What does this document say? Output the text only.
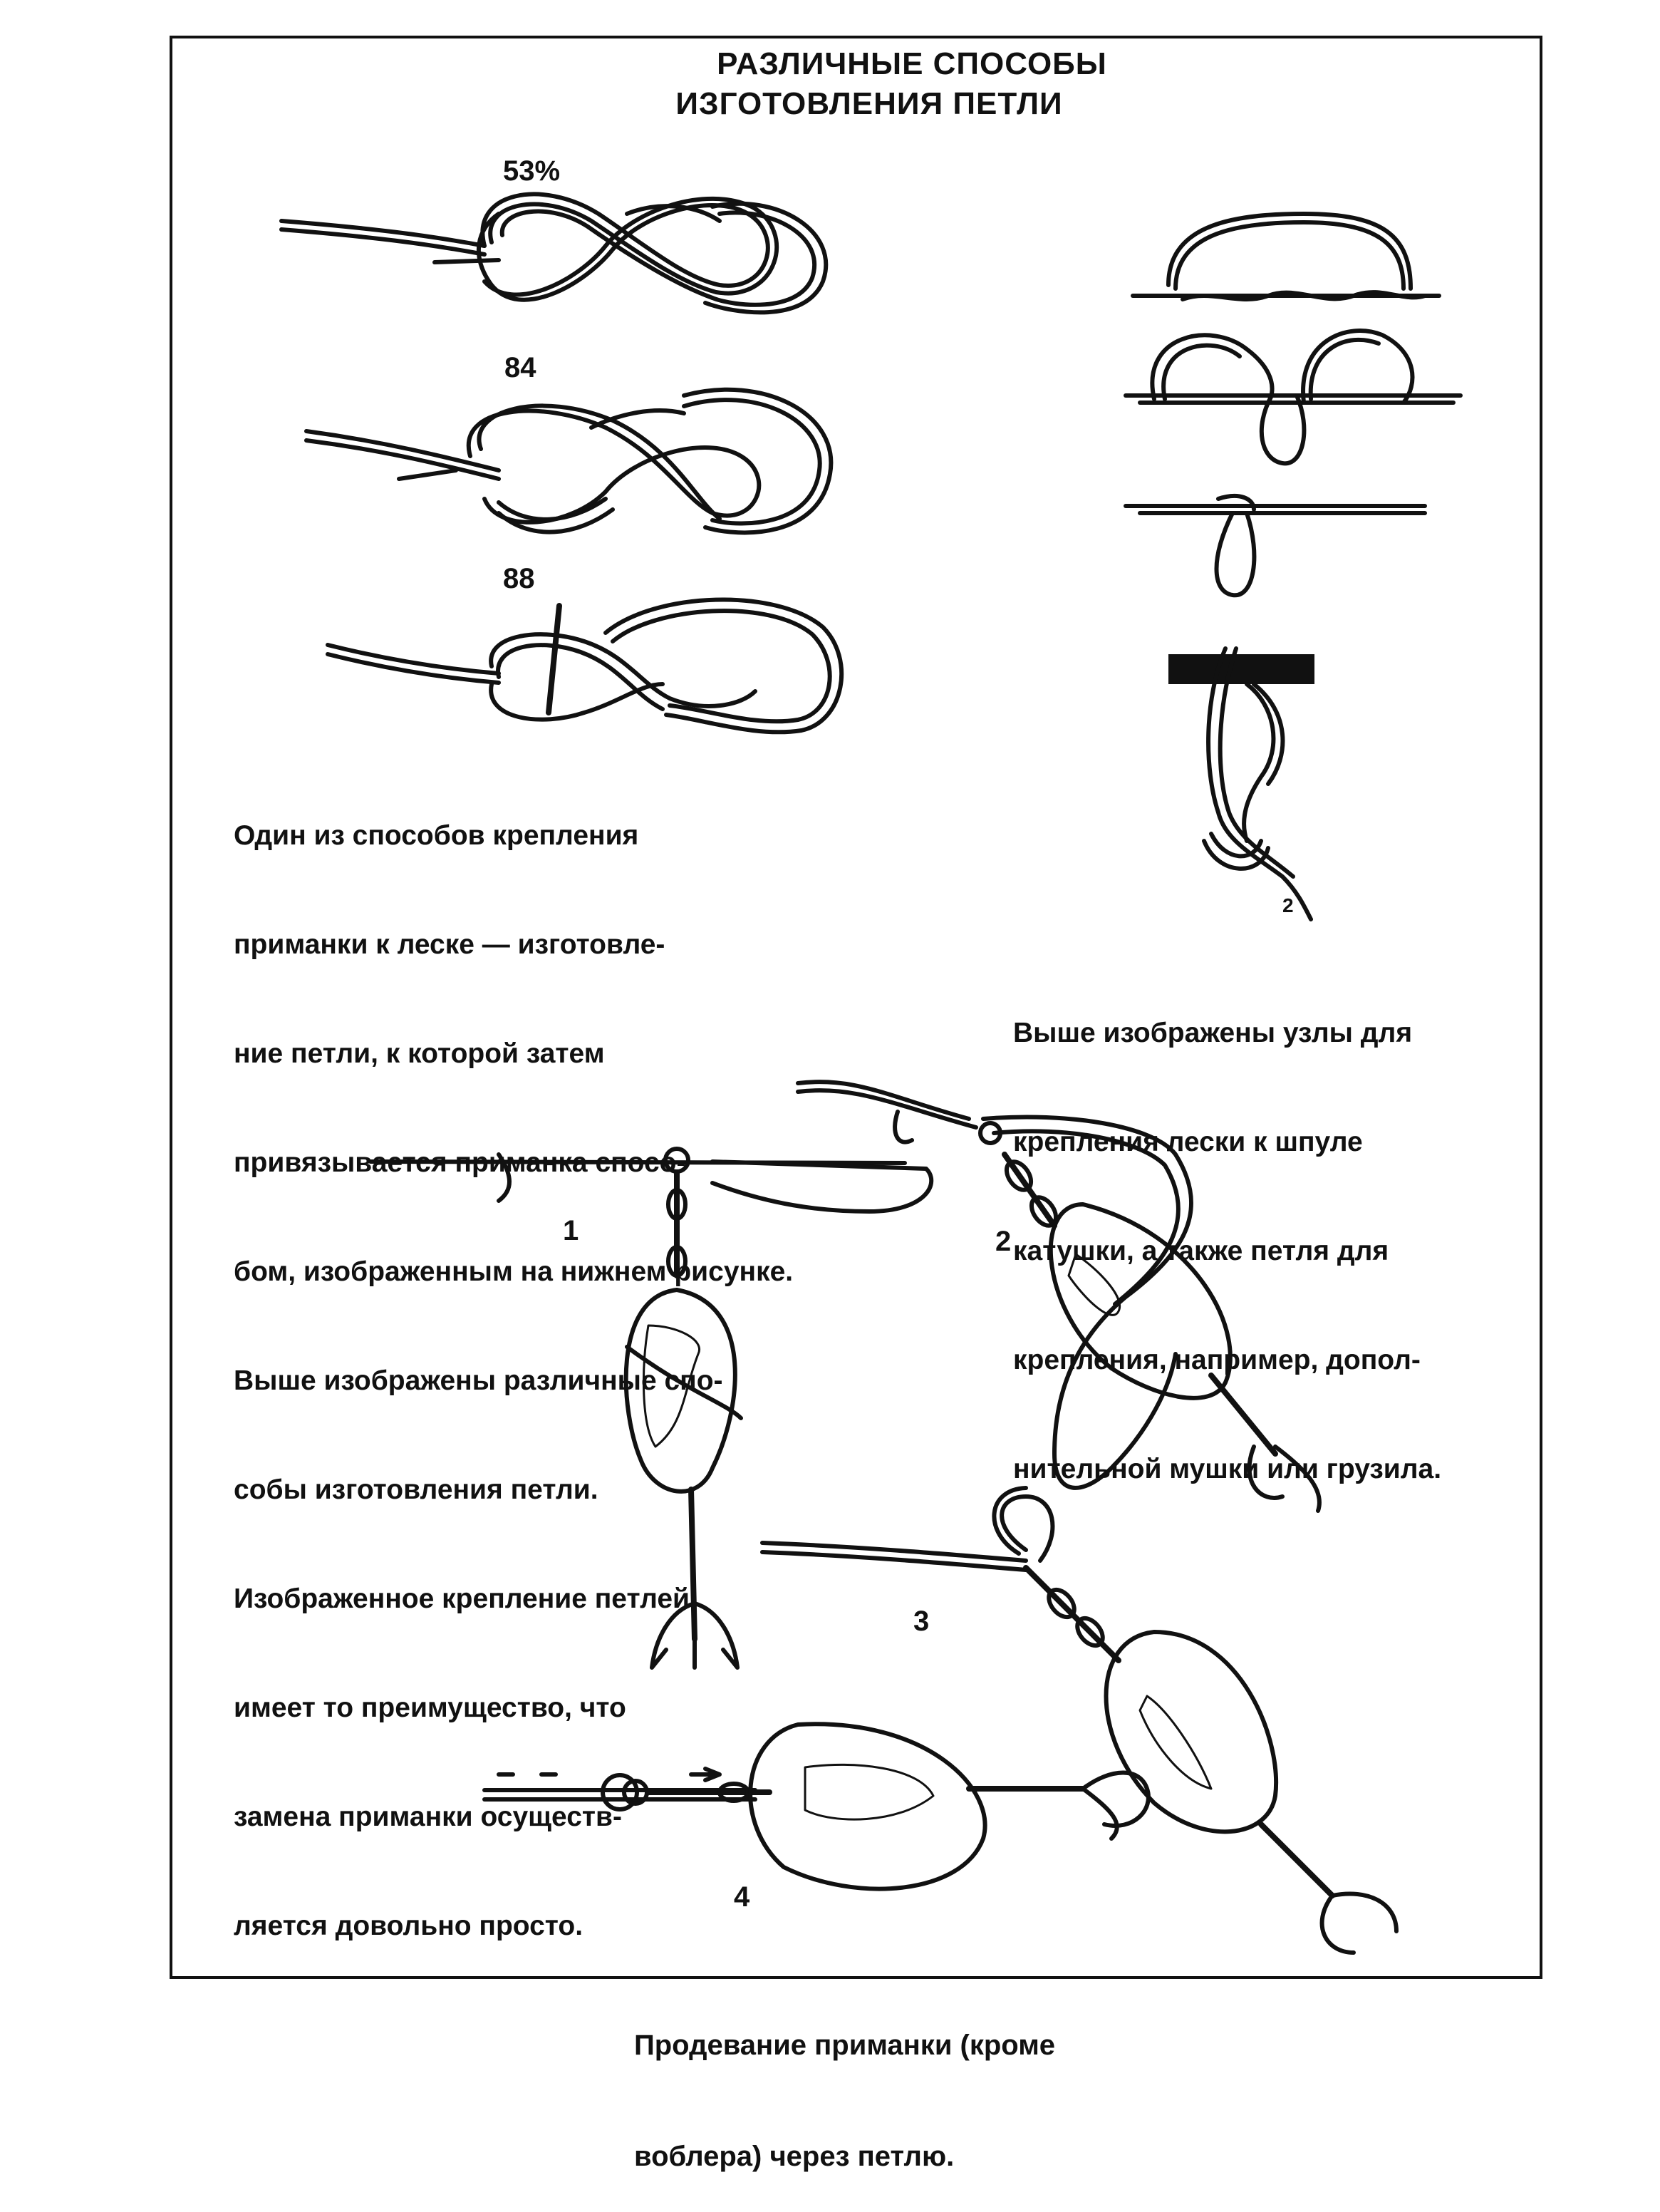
РАЗЛИЧНЫЕ СПОСОБЫ
ИЗГОТОВЛЕНИЯ ПЕТЛИ
53%
84
88

Один из способов крепления

приманки к леске — изготовле-

ние петли, к которой затем

привязывается приманка спосо-

бом, изображенным на нижнем рисунке.

Выше изображены различные спо-

собы изготовления петли.

Изображенное крепление петлей

имеет то преимущество, что

замена приманки осуществ-

ляется довольно просто.

Выше изображены узлы для

крепления лески к шпуле

катушки, а также петля для

крепления, например, допол-

нительной мушки или грузила.

2
1	2
3
4

Продевание приманки (кроме

воблера) через петлю.
